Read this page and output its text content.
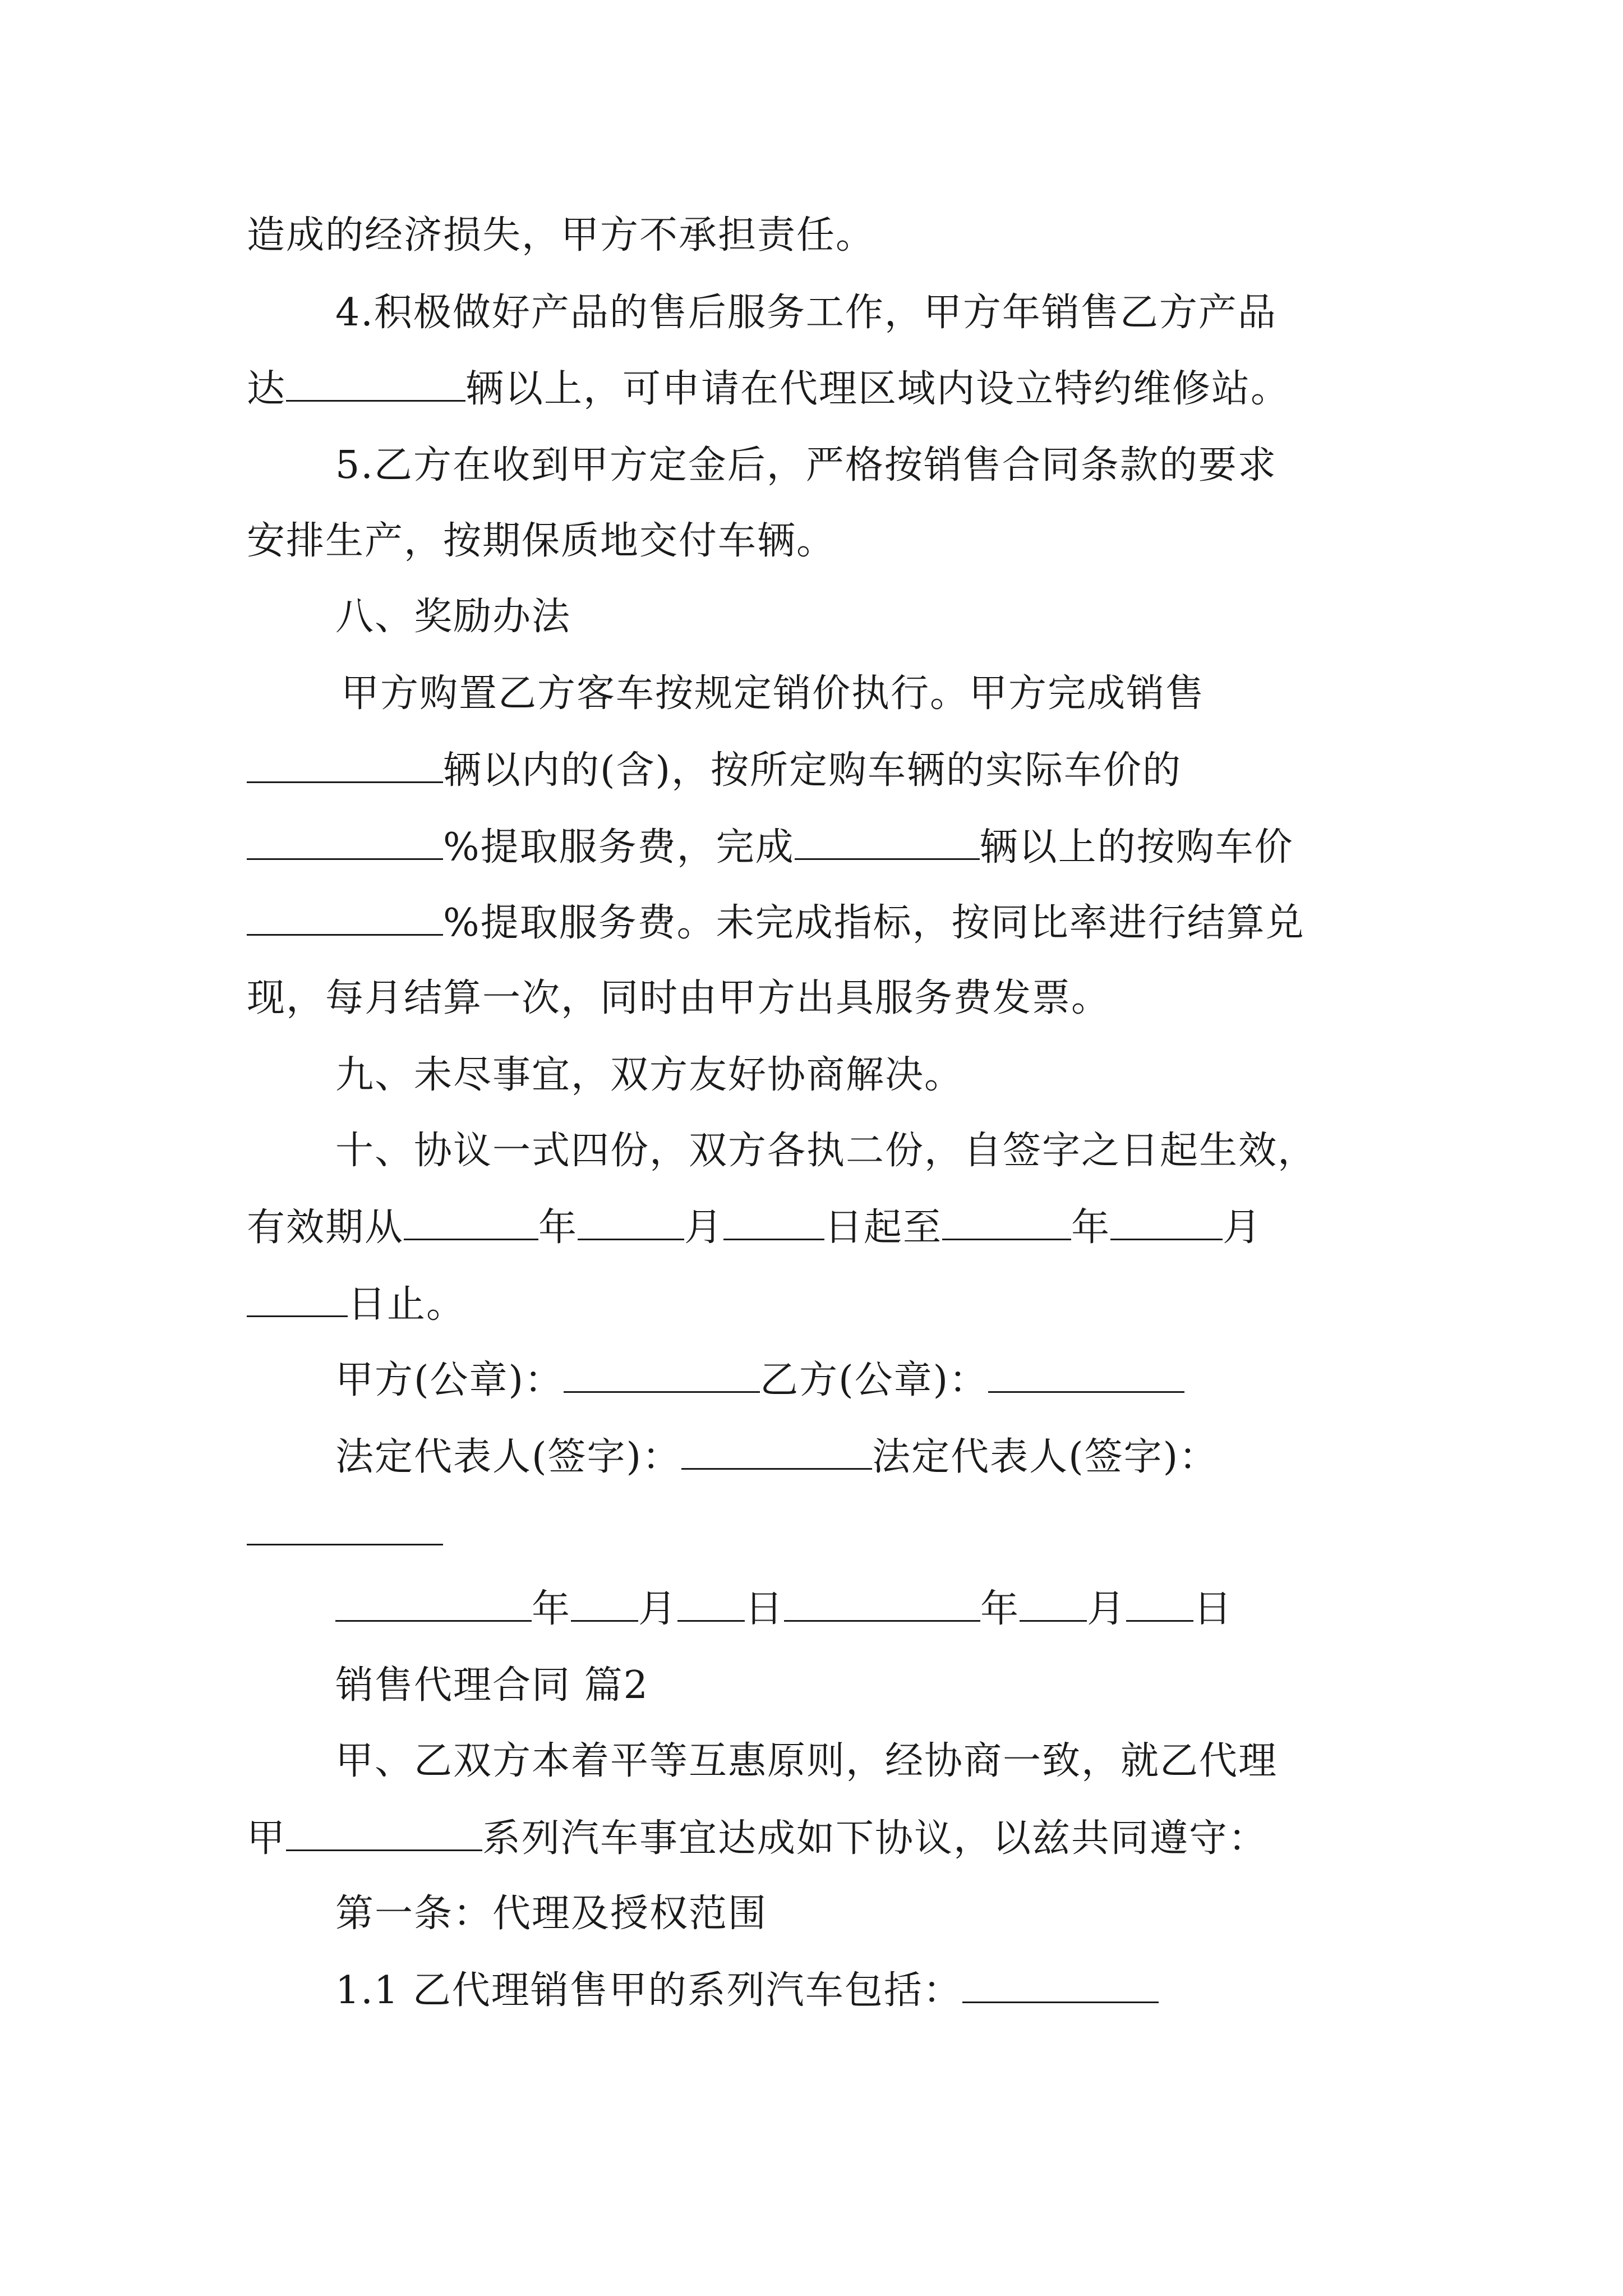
造成的经济损失，甲方不承担责任。
4.积极做好产品的售后服务工作，甲方年销售乙方产品
达	辆以上，可申请在代理区域内设立特约维修站。
5.乙方在收到甲方定金后，严格按销售合同条款的要求
安排生产，按期保质地交付车辆。
八、奖励办法
甲方购置乙方客车按规定销价执行。甲方完成销售
辆以内的(含)，按所定购车辆的实际车价的
%提取服务费，完成	辆以上的按购车价
%提取服务费。未完成指标，按同比率进行结算兑
现，每月结算一次，同时由甲方出具服务费发票。
九、未尽事宜，双方友好协商解决。
十、协议一式四份，双方各执二份，自签字之日起生效，
有效期从	年	月	日起至	年	月
日止。
甲方(公章)：	乙方(公章)：
法定代表人(签字)：	法定代表人(签字)：
年 月 日	年 月 日
销售代理合同 篇2
甲、乙双方本着平等互惠原则，经协商一致，就乙代理
甲	系列汽车事宜达成如下协议，以兹共同遵守：
第一条：代理及授权范围
1.1 乙代理销售甲的系列汽车包括：
